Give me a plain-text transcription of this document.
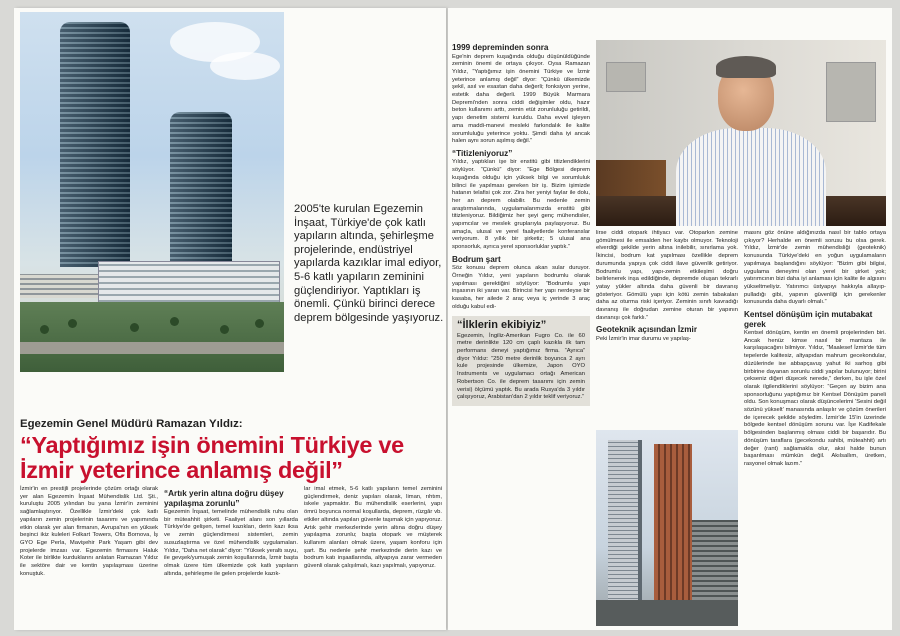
2005'te kurulan Egezemin İnşaat, Türkiye'de çok katlı yapıların altında, şehirleşme projelerinde, endüstriyel yapılarda kazıklar imal ediyor, 5-6 katlı yapıların zeminini güçlendiriyor. Yaptıkları iş önemli. Çünkü birinci derece deprem bölgesinde yaşıyoruz.

Egezemin Genel Müdürü Ramazan Yıldız:
“Yaptığımız işin önemini Türkiye ve İzmir yeterince anlamış değil”

İzmir'in en prestijli projelerinde çözüm ortağı olarak yer alan Egezemin İnşaat Mühendislik Ltd. Şti., kuruluştu 2005 yılından bu yana İzmir'in zeminini sağlamlaştırıyor. Özellikle İzmir'deki çok katlı yapıların zemin projelerinin tasarımı ve yapımında etkin olarak yer alan firmanın, Avrupa'nın en yüksek beşinci ikiz kuleleri Folkart Towers, Ofis Bornova, İş GYO Ege Perla, Mavişehir Park Yaşam gibi dev projelerde imzası var. Egezemin firmasını Haluk Koter ile birlikte kurduklarını anlatan Ramazan Yıldız ile sektöre dair ve kentin yapılaşması üzerine konuştuk.

“Artık yerin altına doğru düşey yapılaşma zorunlu”

Egezemin İnşaat, temelinde mühendislik ruhu olan bir müteahhit şirketi. Faaliyet alanı son yıllarda Türkiye'de gelişen, temel kazıkları, derin kazı iksa ve zemin güçlendirmesi sistemleri, zemin susuzlaştırma ve özel mühendislik uygulamaları. Yıldız, “Daha net olarak” diyor: “Yüksek yeraltı suyu, ile gevşek/yumuşak zemin koşullarında, İzmir başta olmak üzere tüm ülkemizde çok katlı yapıların altında, şehirleşme ile gelen projelerde kazık-

lar imal etmek, 5-6 katlı yapıların temel zeminini güçlendirmek, deniz yapıları olarak, liman, rıhtım, iskele yapmaktır. Bu mühendislik eserlerini, yapı ömrü boyunca normal koşullarda, deprem, rüzgâr vb. etkiler altında yapıları güvenle taşımak için yapıyoruz. Artık şehir merkezlerinde yerin altına doğru düşey yapılaşma zorunlu; başta otopark ve müşterek kullanım alanları olmak üzere, yaşam konforu için şart. Bu nedenle şehir merkezinde derin kazı ve bodrum katı inşaatlarında, altyapıya zarar vermeden güvenli olarak çalışılmalı, kazı yapılmalı, yapıyoruz.

1999 depreminden sonra

Ege'nin deprem kuşağında olduğu düşünüldüğünde zeminin önemi de ortaya çıkıyor. Oysa Ramazan Yıldız, “Yaptığımız işin önemini Türkiye ve İzmir yeterince anlamış değil” diyor: “Çünkü ülkemizde şekil, asıl ve esastan daha değerli; fonksiyon yerine, estetik daha değerli. 1999 Büyük Marmara Depremi'nden sonra ciddi değişimler oldu, hazır beton kullanımı arttı, zemin etüt zorunluluğu getirildi, yapı denetim sistemi kuruldu. Daha evvel işleyen ama maddi-manevi mesleki farkındalık ile kalite sorumluluğu yeterince yoktu. Şimdi daha iyi ancak halen aynı sorun aşılmış değil.”

“Titizleniyoruz”

Yıldız, yaptıkları işe bir enstitü gibi titizlendiklerini söylüyor. “Çünkü” diyor: “Ege Bölgesi deprem kuşağında olduğu için yüksek bilgi ve sorumluluk bilinci ile yapılması gereken bir iş. Bizim işimizde hatanın telafisi çok zor. Zira her yeniyi faylar ile dolu, her an deprem olabilir. Bu nedenle zemin araştırmalarında, uygulamalarımızda enstitü gibi titizleniyoruz. Bildiğimiz her şeyi genç mühendisler, yapımcılar ve meslek gruplarıyla paylaşıyoruz. Bu amaçla, ulusal ve yerel faaliyetlerde konferanslar veriyorum. 8 yıllık bir şirketiz; 5 ulusal ana sponsorluk, ayrıca yerel sponsorluklar yaptık.”

Bodrum şart

Söz konusu deprem olunca akan sular duruyor. Örneğin Yıldız, yeni yapıların bodrumlu olarak yapılması gerektiğini söylüyor: “Bodrumlu yapı inşasının iki yararı var. Birincisi her yapı nerdeyse bir kasaba, her ailede 2 araç veya iç yerinde 3 araç olduğu kabul edi-

“İlklerin ekibiyiz”

Egezemin, İngiliz-Amerikan Fugro Co. ile 60 metre derinlikte 120 cm çaplı kazıkla ilk tam performans deneyi yaptığımız firma. “Ayrıca” diyor Yıldız: “250 metre derinlik boyunca 2 ayrı kule projesinde ülkemize, Japon OYO Instruments ve uygulamacı ortağı American Robertson Co. ile deprem tasarımı için zemin verisi) ölçümü yaptık. Bu arada Rusya'da 3 yıldır çalışıyoruz, Arabistan'dan 2 yıldır teklif veriyoruz.”

lirse ciddi otopark ihtiyacı var. Otoparkın zemine gömülmesi ile emsalden her kaybı olmuyor. Teknoloji elverdiği şekilde yerin altına inilebilir, sınırlama yok. İkincisi, bodrum kat yapılması özellikle deprem durumunda yapıya çok ciddi ilave güvenlik getiriyor. Bodrumlu yapı, yapı-zemin etkileşimi doğru belirlenerek inşa edildiğinde, depremde oluşan tekrarlı yatay yükler altında daha güvenli bir davranış gösteriyor. Gömülü yapı için kötü zemin tabakaları daha az oturma riski içeriyor. Zeminin sınıfı kavradığı davranış ile doğrudan zemine oturan bir yapının davranışı çok farklı.”

Geoteknik açısından İzmir

Peki İzmir'in imar durumu ve yapılaş-

masını göz önüne aldığınızda nasıl bir tablo ortaya çıkıyor? Herhalde en önemli sorusu bu olsa gerek. Yıldız, İzmir'de zemin mühendisliği (geoteknik) konusunda Türkiye'deki en yoğun uygulamaların yapılmaya başlandığını söylüyor: “Bizim gibi bilgisi, uygulama deneyimi olan yerel bir şirket yok; yatırımcının bizi daha iyi anlaması için kalite ile algısını yükseltmeliyiz. Yatırımcı üstyapıyı hakkıyla allayıp-pulladığı gibi, yapının güvenliği için gerekenler konusunda daha duyarlı olmalı.”

Kentsel dönüşüm için mutabakat gerek

Kentsel dönüşüm, kentin en önemli projelerinden biri. Ancak henüz kimse nasıl bir mantaza ile karşılaşacağını bilmiyor. Yıldız, “Maalesef İzmir'de tüm tepelerde kalitesiz, altyapıdan mahrum gecekondular, düzülerinde ise abbapçavuş yahut iki sarhoş gibi birbirine dayanan sorunlu ciddi yapılar bulunuyor; birini çekseniz diğeri düşecek nerede,” derken, bu işle özel olarak ilgilendiklerini söylüyor: “Geçen ay bizim ana sponsorluğunu yaptığımız bir Kentsel Dönüşüm paneli oldu. Son konuşmacı olarak düşüncelerimi ‘Sesini değil sözünü yükselt’ manasında anlaşılır ve çözüm önerileri de içerecek şekilde söyledim. İzmir'de 15'in üzerinde bölgede kentsel dönüşüm sorunu var. İşe Kadifekale bölgesinden başlanmış olması ciddi bir başarıdır. Bu dönüşüm taraflara (gecekondu sahibi, müteahhit) artı değer (rant) sağlamakla olur, aksi halde bunun başarılması mümkün değil. Akılsallım, üretken, rasyonel olmak lazım.”
